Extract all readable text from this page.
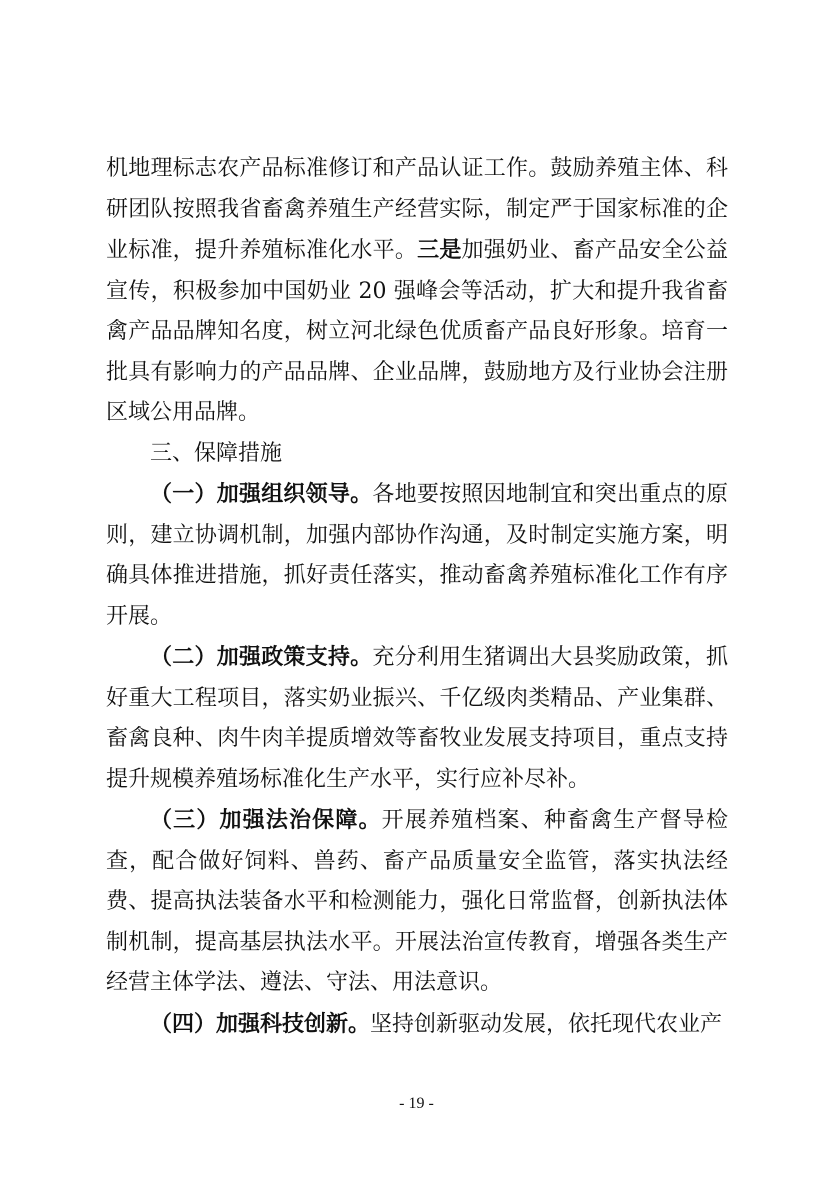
机地理标志农产品标准修订和产品认证工作。鼓励养殖主体、科研团队按照我省畜禽养殖生产经营实际，制定严于国家标准的企业标准，提升养殖标准化水平。三是加强奶业、畜产品安全公益宣传，积极参加中国奶业 20 强峰会等活动，扩大和提升我省畜禽产品品牌知名度，树立河北绿色优质畜产品良好形象。培育一批具有影响力的产品品牌、企业品牌，鼓励地方及行业协会注册区域公用品牌。

三、保障措施

（一）加强组织领导。各地要按照因地制宜和突出重点的原则，建立协调机制，加强内部协作沟通，及时制定实施方案，明确具体推进措施，抓好责任落实，推动畜禽养殖标准化工作有序开展。

（二）加强政策支持。充分利用生猪调出大县奖励政策，抓好重大工程项目，落实奶业振兴、千亿级肉类精品、产业集群、畜禽良种、肉牛肉羊提质增效等畜牧业发展支持项目，重点支持提升规模养殖场标准化生产水平，实行应补尽补。

（三）加强法治保障。开展养殖档案、种畜禽生产督导检查，配合做好饲料、兽药、畜产品质量安全监管，落实执法经费、提高执法装备水平和检测能力，强化日常监督，创新执法体制机制，提高基层执法水平。开展法治宣传教育，增强各类生产经营主体学法、遵法、守法、用法意识。

（四）加强科技创新。坚持创新驱动发展，依托现代农业产

- 19 -
